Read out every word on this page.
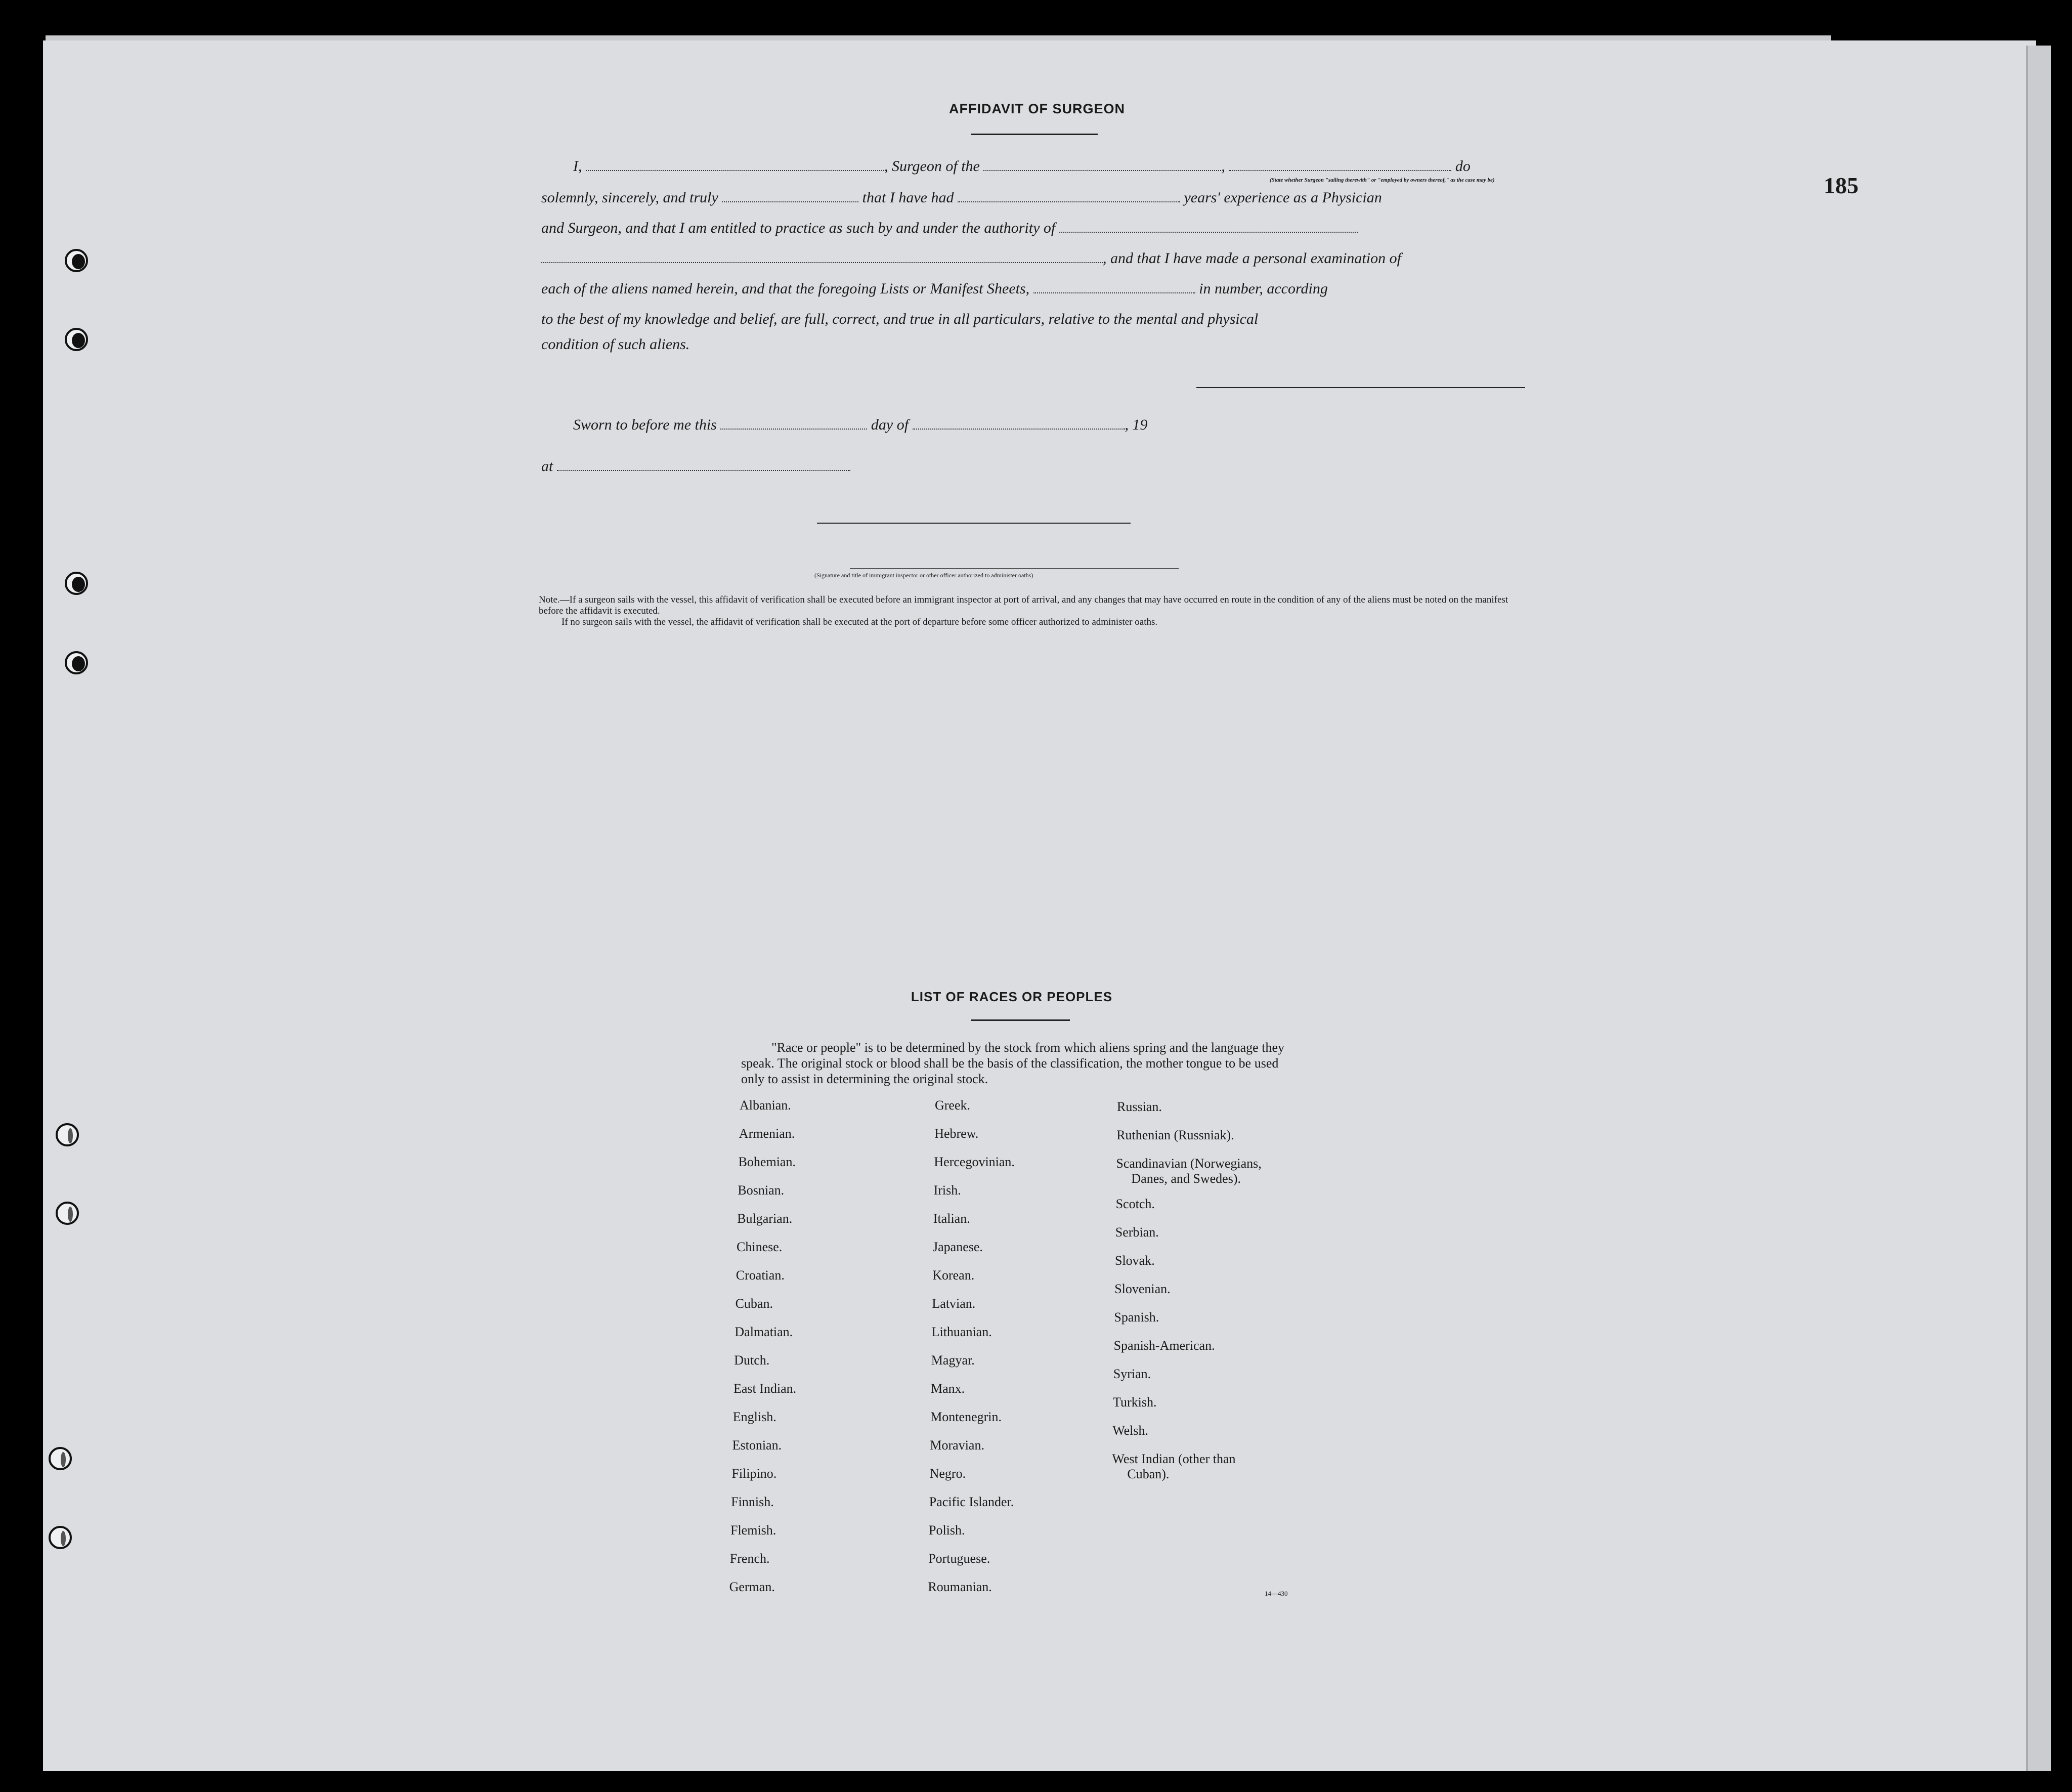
185
AFFIDAVIT OF SURGEON
I,	, Surgeon of the	,	do
(State whether Surgeon "sailing therewith" or "employed by owners thereof," as the case may be)
solemnly, sincerely, and truly	that I have had	years' experience as a Physician
and Surgeon, and that I am entitled to practice as such by and under the authority of
, and that I have made a personal examination of
each of the aliens named herein, and that the foregoing Lists or Manifest Sheets,	in number, according
to the best of my knowledge and belief, are full, correct, and true in all particulars, relative to the mental and physical
condition of such aliens.
Sworn to before me this	day of	, 19
at
(Signature and title of immigrant inspector or other officer authorized to administer oaths)

Note.—If a surgeon sails with the vessel, this affidavit of verification shall be executed before an immigrant inspector at port of arrival, and any changes that may have occurred en route in the condition of any of the aliens must be noted on the manifest before the affidavit is executed.

If no surgeon sails with the vessel, the affidavit of verification shall be executed at the port of departure before some officer authorized to administer oaths.

LIST OF RACES OR PEOPLES

"Race or people" is to be determined by the stock from which aliens spring and the language they speak. The original stock or blood shall be the basis of the classification, the mother tongue to be used only to assist in determining the original stock.

Albanian.
Armenian.
Bohemian.
Bosnian.
Bulgarian.
Chinese.
Croatian.
Cuban.
Dalmatian.
Dutch.
East Indian.
English.
Estonian.
Filipino.
Finnish.
Flemish.
French.
German.
Greek.
Hebrew.
Hercegovinian.
Irish.
Italian.
Japanese.
Korean.
Latvian.
Lithuanian.
Magyar.
Manx.
Montenegrin.
Moravian.
Negro.
Pacific Islander.
Polish.
Portuguese.
Roumanian.
Russian.
Ruthenian (Russniak).
Scandinavian (Norwegians,
Danes, and Swedes).
Scotch.
Serbian.
Slovak.
Slovenian.
Spanish.
Spanish-American.
Syrian.
Turkish.
Welsh.
West Indian (other than
Cuban).
14—430
